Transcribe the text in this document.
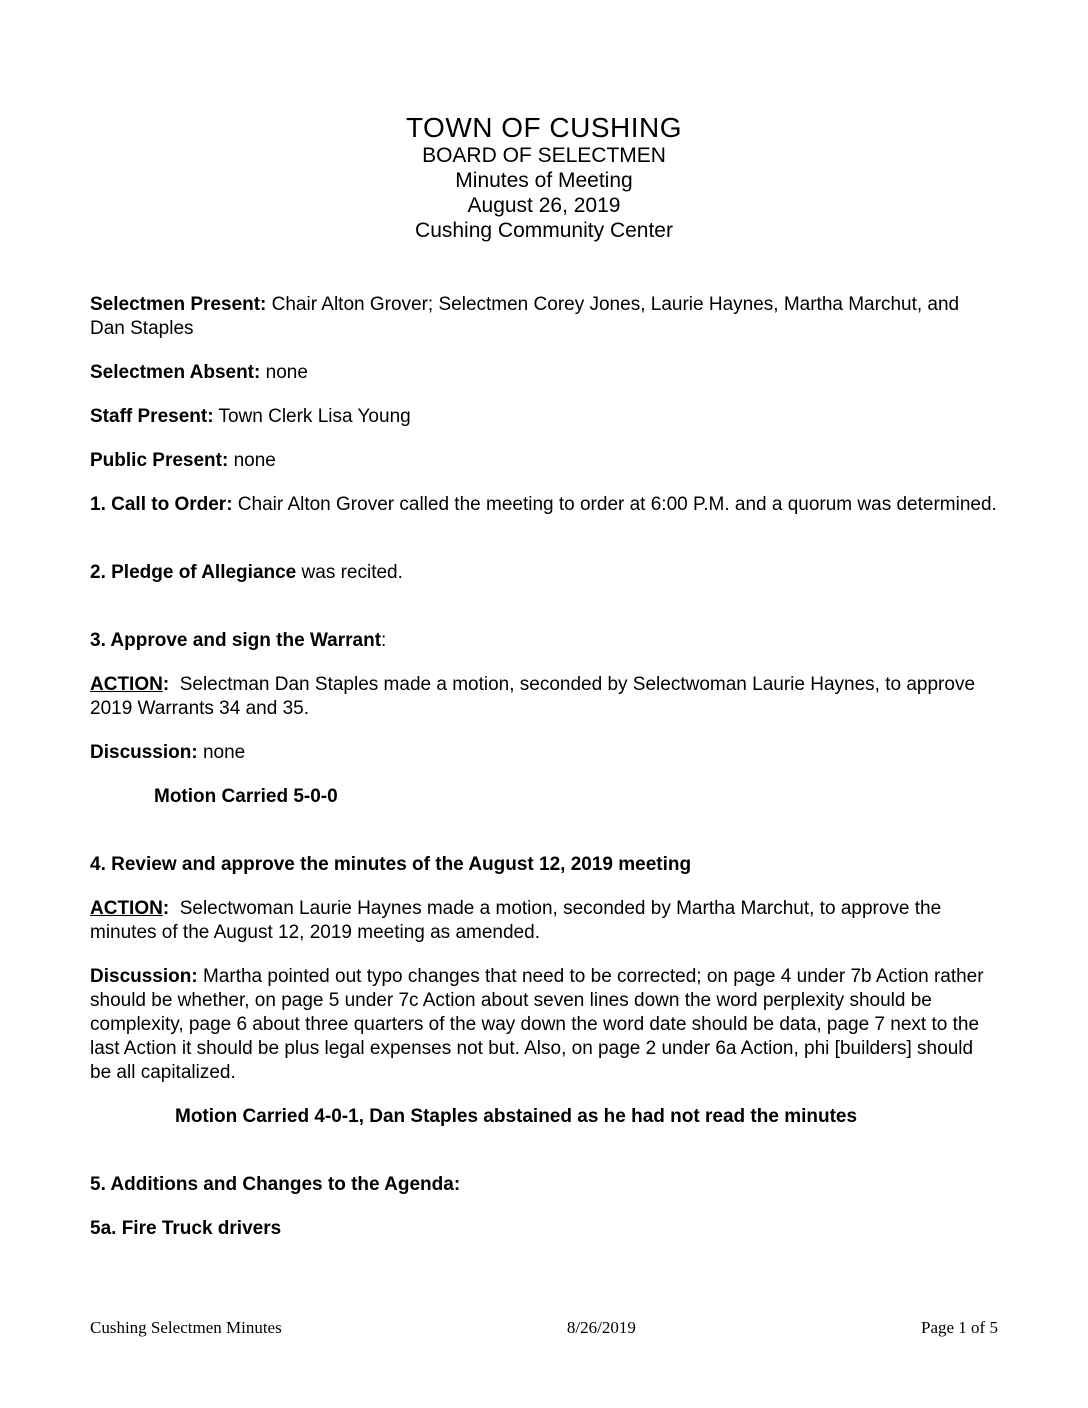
TOWN OF CUSHING
BOARD OF SELECTMEN
Minutes of Meeting
August 26, 2019
Cushing Community Center

Selectmen Present: Chair Alton Grover; Selectmen Corey Jones, Laurie Haynes, Martha Marchut, and Dan Staples

Selectmen Absent: none

Staff Present: Town Clerk Lisa Young

Public Present: none

1. Call to Order: Chair Alton Grover called the meeting to order at 6:00 P.M. and a quorum was determined.

2. Pledge of Allegiance was recited.

3. Approve and sign the Warrant:

ACTION:  Selectman Dan Staples made a motion, seconded by Selectwoman Laurie Haynes, to approve 2019 Warrants 34 and 35.

Discussion: none

Motion Carried 5-0-0

4. Review and approve the minutes of the August 12, 2019 meeting

ACTION:  Selectwoman Laurie Haynes made a motion, seconded by Martha Marchut, to approve the minutes of the August 12, 2019 meeting as amended.

Discussion: Martha pointed out typo changes that need to be corrected; on page 4 under 7b Action rather should be whether, on page 5 under 7c Action about seven lines down the word perplexity should be complexity, page 6 about three quarters of the way down the word date should be data, page 7 next to the last Action it should be plus legal expenses not but. Also, on page 2 under 6a Action, phi [builders] should be all capitalized.

Motion Carried 4-0-1, Dan Staples abstained as he had not read the minutes

5. Additions and Changes to the Agenda:

5a. Fire Truck drivers

Cushing Selectmen Minutes	8/26/2019	Page 1 of 5
